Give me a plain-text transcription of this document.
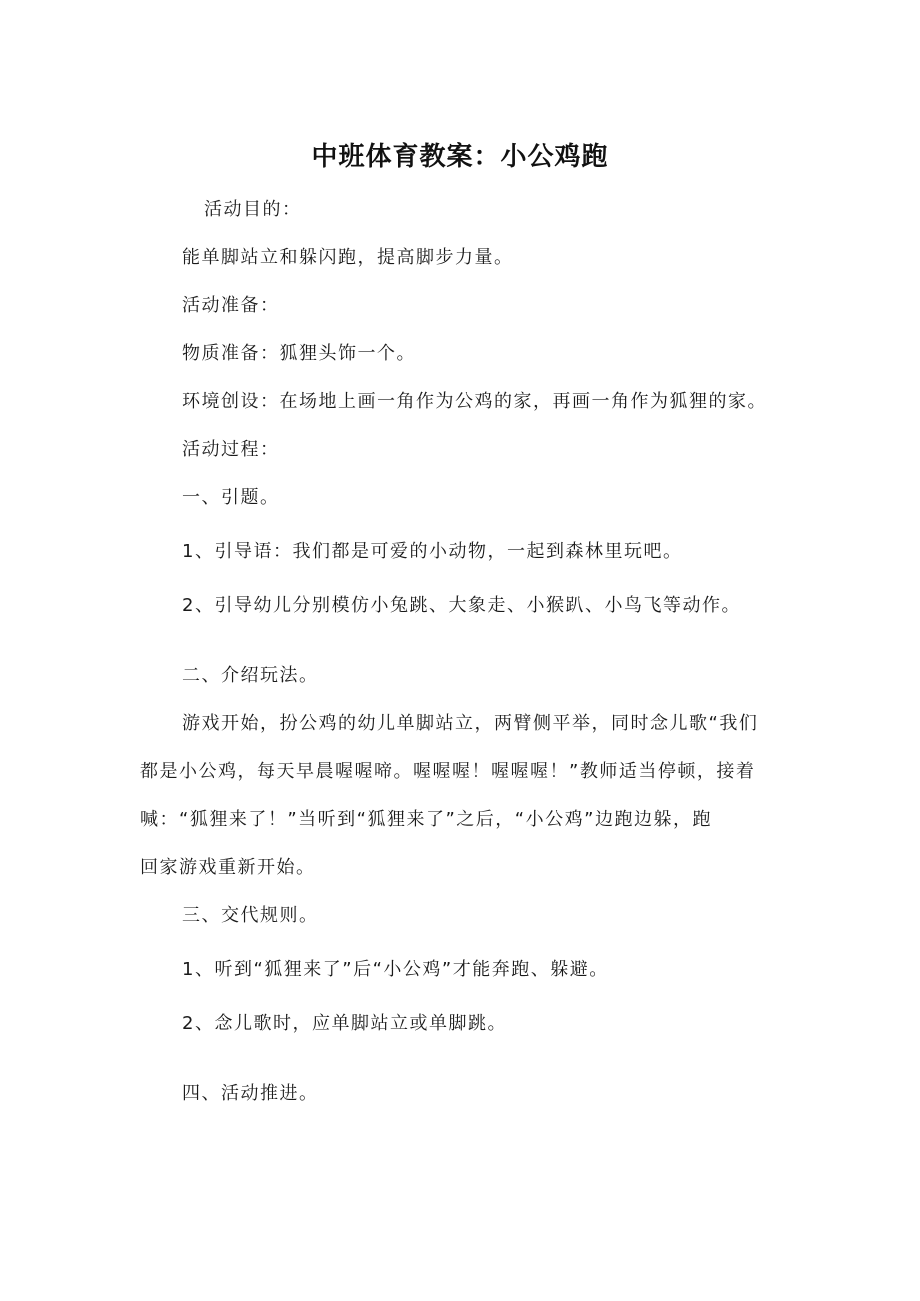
中班体育教案：小公鸡跑
活动目的：
能单脚站立和躲闪跑，提高脚步力量。
活动准备：
物质准备：狐狸头饰一个。
环境创设：在场地上画一角作为公鸡的家，再画一角作为狐狸的家。
活动过程：
一、引题。
1、引导语：我们都是可爱的小动物，一起到森林里玩吧。
2、引导幼儿分别模仿小兔跳、大象走、小猴趴、小鸟飞等动作。
二、介绍玩法。
游戏开始，扮公鸡的幼儿单脚站立，两臂侧平举，同时念儿歌“我们
都是小公鸡，每天早晨喔喔啼。喔喔喔！喔喔喔！”教师适当停顿，接着
喊：“狐狸来了！”当听到“狐狸来了”之后，“小公鸡”边跑边躲，跑
回家游戏重新开始。
三、交代规则。
1、听到“狐狸来了”后“小公鸡”才能奔跑、躲避。
2、念儿歌时，应单脚站立或单脚跳。
四、活动推进。
